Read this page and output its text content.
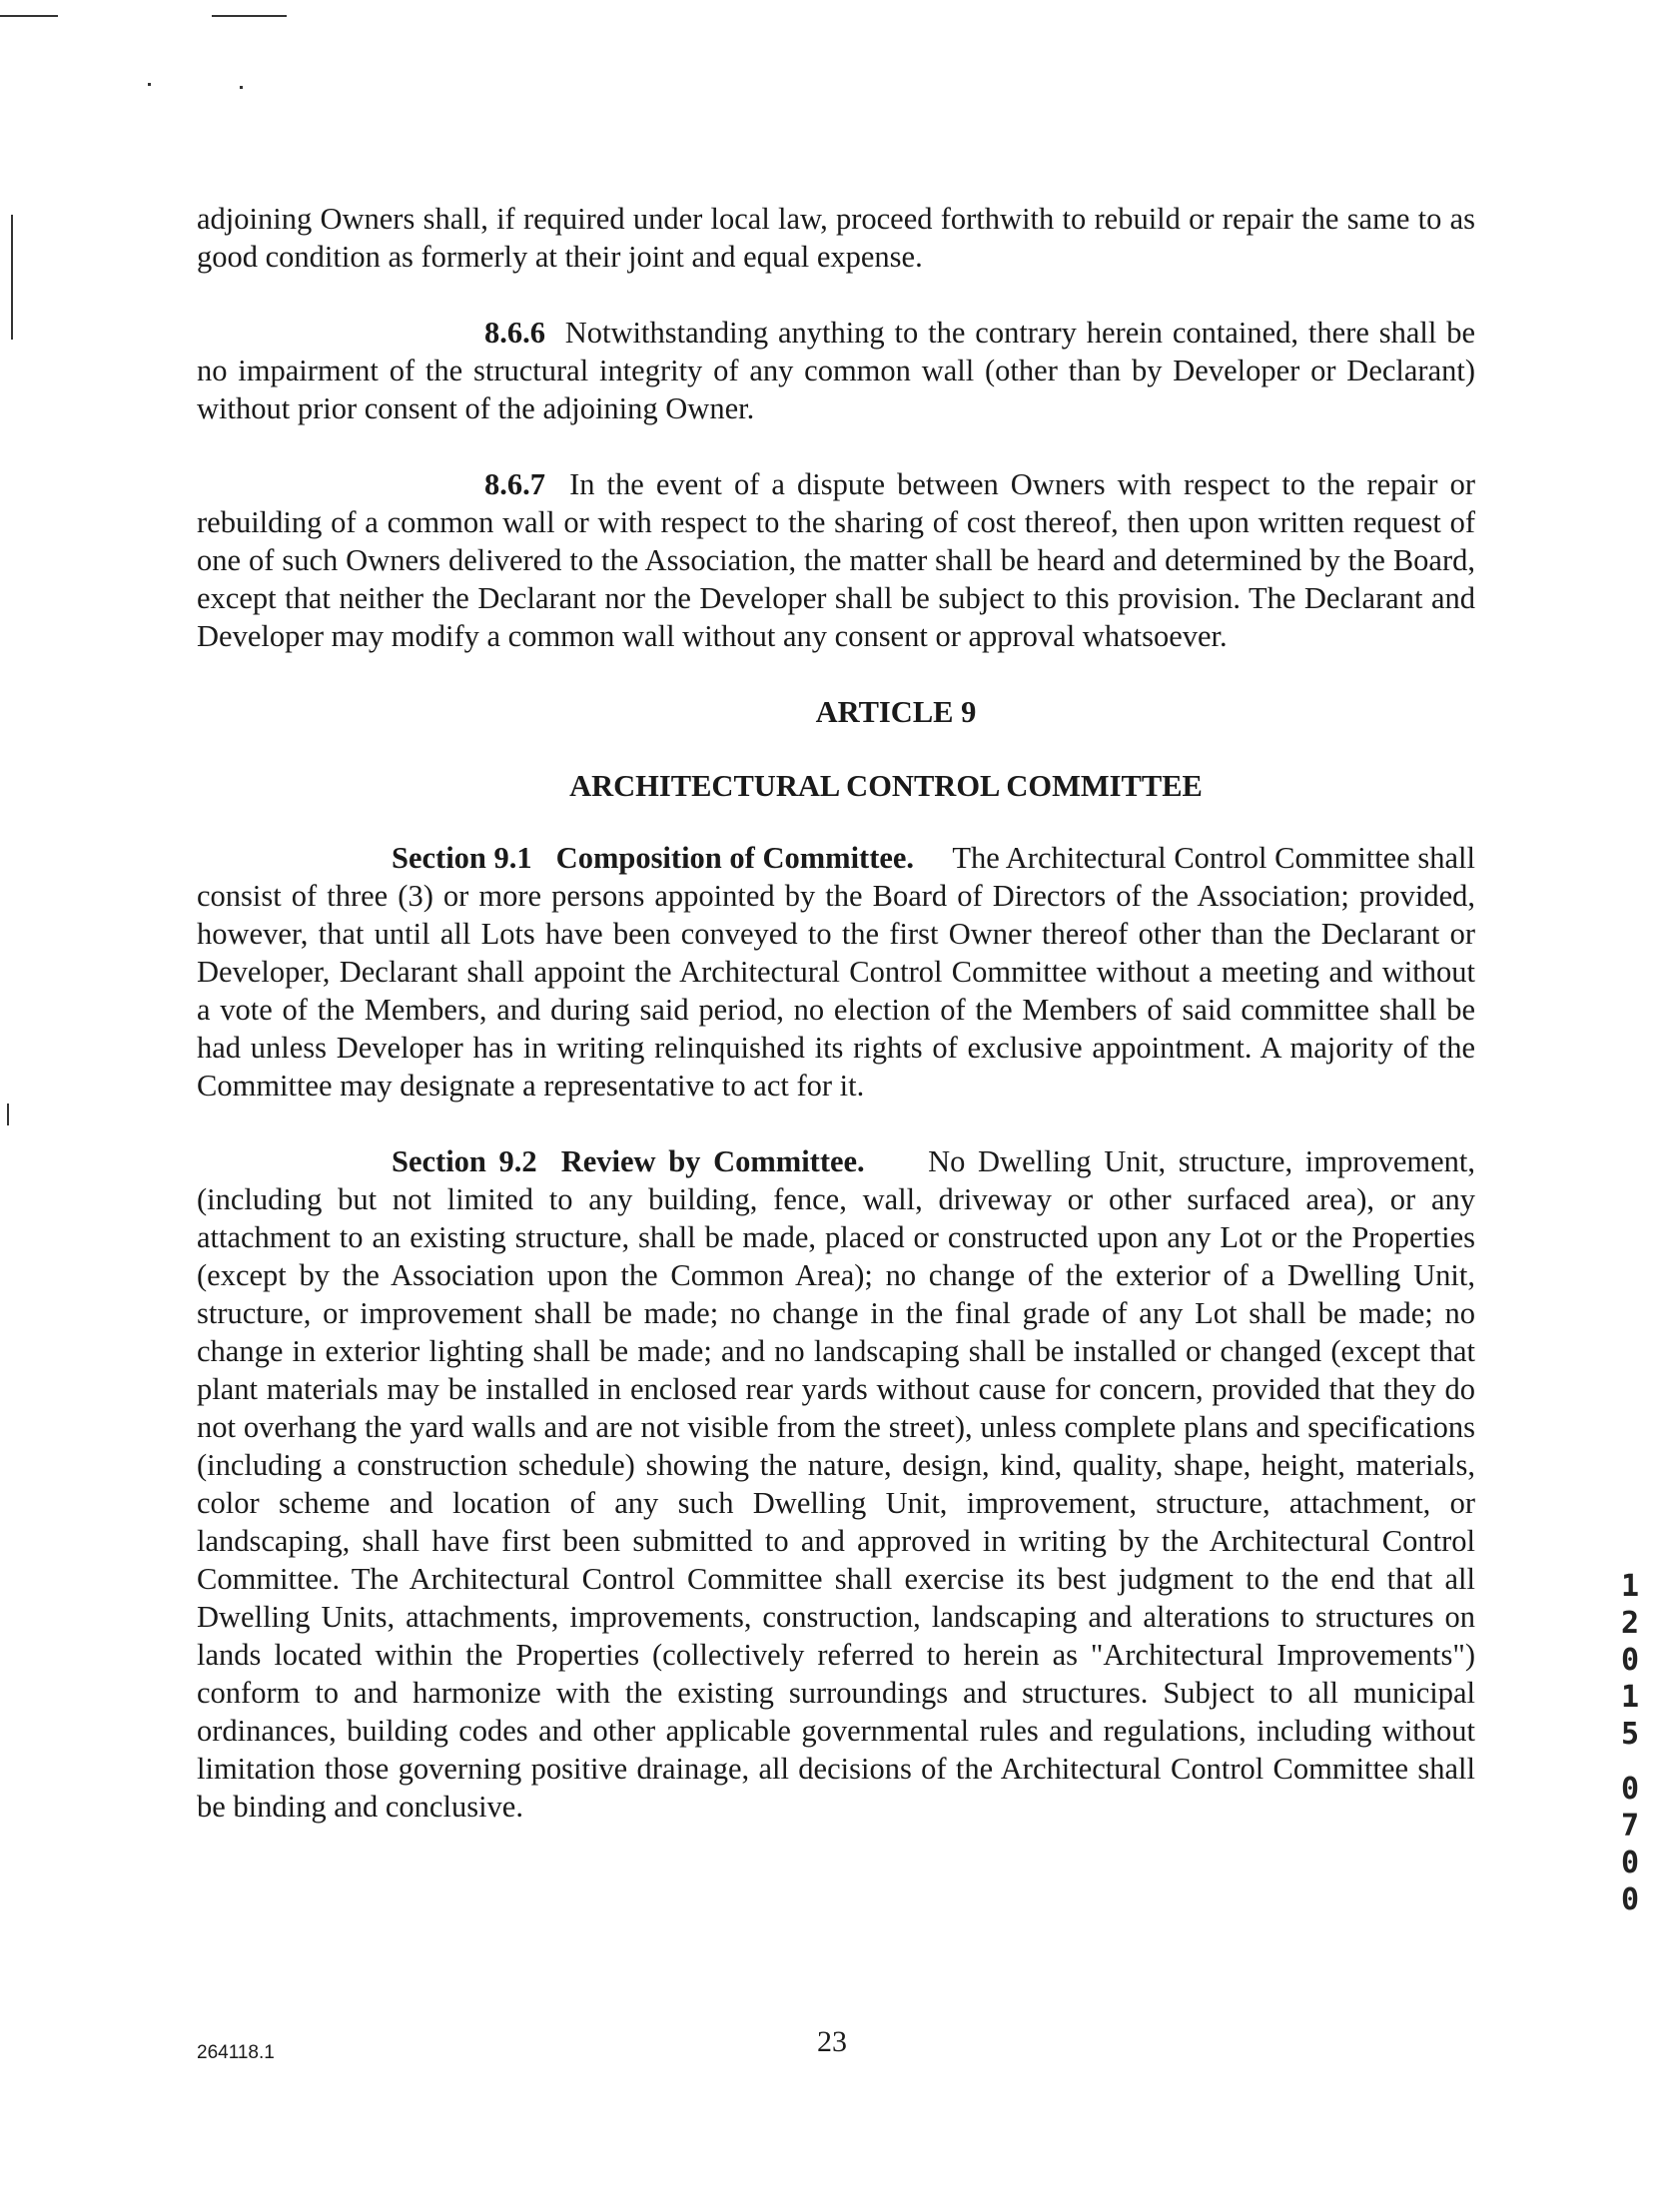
adjoining Owners shall, if required under local law, proceed forthwith to rebuild or repair the same to as good condition as formerly at their joint and equal expense.

8.6.6 Notwithstanding anything to the contrary herein contained, there shall be no impairment of the structural integrity of any common wall (other than by Developer or Declarant) without prior consent of the adjoining Owner.

8.6.7 In the event of a dispute between Owners with respect to the repair or rebuilding of a common wall or with respect to the sharing of cost thereof, then upon written request of one of such Owners delivered to the Association, the matter shall be heard and determined by the Board, except that neither the Declarant nor the Developer shall be subject to this provision. The Declarant and Developer may modify a common wall without any consent or approval whatsoever.

ARTICLE 9

ARCHITECTURAL CONTROL COMMITTEE

Section 9.1 Composition of Committee. The Architectural Control Committee shall consist of three (3) or more persons appointed by the Board of Directors of the Association; provided, however, that until all Lots have been conveyed to the first Owner thereof other than the Declarant or Developer, Declarant shall appoint the Architectural Control Committee without a meeting and without a vote of the Members, and during said period, no election of the Members of said committee shall be had unless Developer has in writing relinquished its rights of exclusive appointment. A majority of the Committee may designate a representative to act for it.

Section 9.2 Review by Committee. No Dwelling Unit, structure, improvement, (including but not limited to any building, fence, wall, driveway or other surfaced area), or any attachment to an existing structure, shall be made, placed or constructed upon any Lot or the Properties (except by the Association upon the Common Area); no change of the exterior of a Dwelling Unit, structure, or improvement shall be made; no change in the final grade of any Lot shall be made; no change in exterior lighting shall be made; and no landscaping shall be installed or changed (except that plant materials may be installed in enclosed rear yards without cause for concern, provided that they do not overhang the yard walls and are not visible from the street), unless complete plans and specifications (including a construction schedule) showing the nature, design, kind, quality, shape, height, materials, color scheme and location of any such Dwelling Unit, improvement, structure, attachment, or landscaping, shall have first been submitted to and approved in writing by the Architectural Control Committee. The Architectural Control Committee shall exercise its best judgment to the end that all Dwelling Units, attachments, improvements, construction, landscaping and alterations to structures on lands located within the Properties (collectively referred to herein as "Architectural Improvements") conform to and harmonize with the existing surroundings and structures. Subject to all municipal ordinances, building codes and other applicable governmental rules and regulations, including without limitation those governing positive drainage, all decisions of the Architectural Control Committee shall be binding and conclusive.

1
2
0
1
5
0
7
0
0
264118.1	23
